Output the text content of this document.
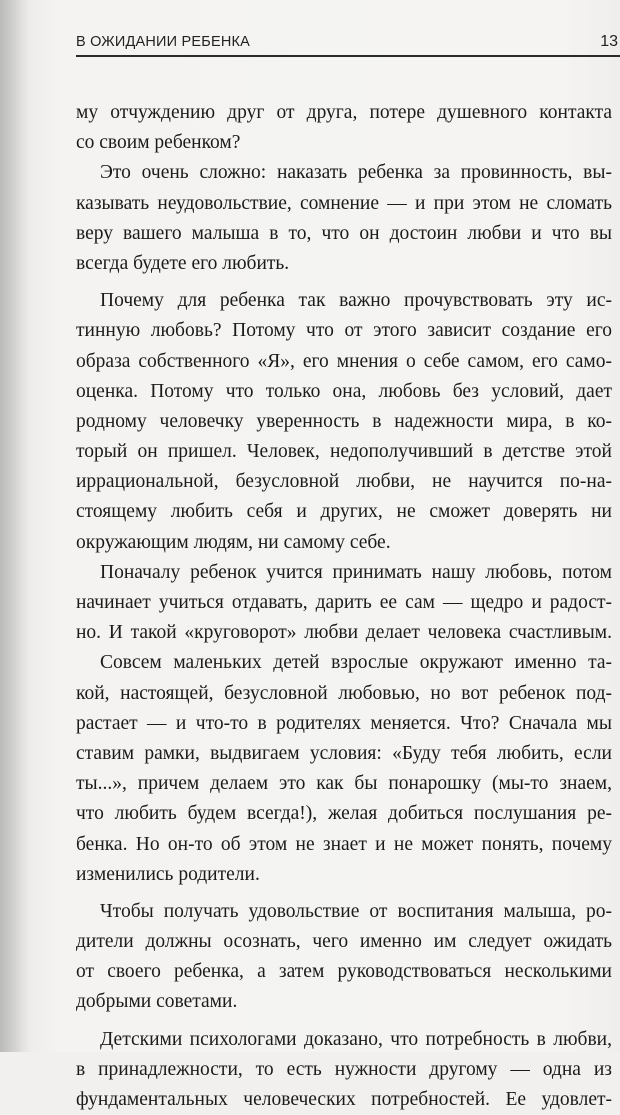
В ОЖИДАНИИ РЕБЕНКА	13
му отчуждению друг от друга, потере душевного контакта
со своим ребенком?
Это очень сложно: наказать ребенка за провинность, вы-
казывать неудовольствие, сомнение — и при этом не сломать
веру вашего малыша в то, что он достоин любви и что вы
всегда будете его любить.
Почему для ребенка так важно прочувствовать эту ис-
тинную любовь? Потому что от этого зависит создание его
образа собственного «Я», его мнения о себе самом, его само-
оценка. Потому что только она, любовь без условий, дает
родному человечку уверенность в надежности мира, в ко-
торый он пришел. Человек, недополучивший в детстве этой
иррациональной, безусловной любви, не научится по-на-
стоящему любить себя и других, не сможет доверять ни
окружающим людям, ни самому себе.
Поначалу ребенок учится принимать нашу любовь, потом
начинает учиться отдавать, дарить ее сам — щедро и радост-
но. И такой «круговорот» любви делает человека счастливым.
Совсем маленьких детей взрослые окружают именно та-
кой, настоящей, безусловной любовью, но вот ребенок под-
растает — и что-то в родителях меняется. Что? Сначала мы
ставим рамки, выдвигаем условия: «Буду тебя любить, если
ты...», причем делаем это как бы понарошку (мы-то знаем,
что любить будем всегда!), желая добиться послушания ре-
бенка. Но он-то об этом не знает и не может понять, почему
изменились родители.
Чтобы получать удовольствие от воспитания малыша, ро-
дители должны осознать, чего именно им следует ожидать
от своего ребенка, а затем руководствоваться несколькими
добрыми советами.
Детскими психологами доказано, что потребность в любви,
в принадлежности, то есть нужности другому — одна из
фундаментальных человеческих потребностей. Ее удовлет-
